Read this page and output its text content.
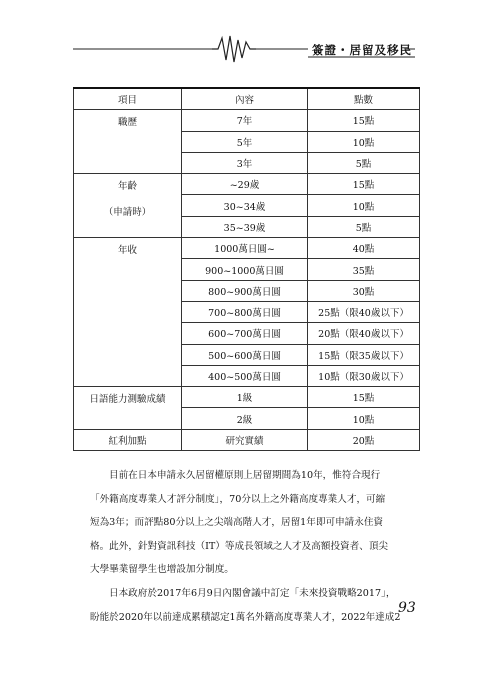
簽證・居留及移民
項目	內容	點數

職歷	7年	15點
	5年	10點
	3年	5點

年齡
（申請時）	~29歲	15點
	30~34歲	10點
	35~39歲	5點

年收	1000萬日圓~	40點
	900~1000萬日圓	35點
	800~900萬日圓	30點
	700~800萬日圓	25點（限40歲以下）
	600~700萬日圓	20點（限40歲以下）
	500~600萬日圓	15點（限35歲以下）
	400~500萬日圓	10點（限30歲以下）

日語能力測驗成績	1級	15點
	2級	10點

紅利加點	研究實績	20點

目前在日本申請永久居留權原則上居留期間為10年，惟符合現行

「外籍高度專業人才評分制度」，70分以上之外籍高度專業人才，可縮

短為3年；而評點80分以上之尖端高階人才，居留1年即可申請永住資

格。此外，針對資訊科技（IT）等成長領域之人才及高額投資者、頂尖

大學畢業留學生也增設加分制度。

日本政府於2017年6月9日內閣會議中訂定「未來投資戰略2017」，

盼能於2020年以前達成累積認定1萬名外籍高度專業人才，2022年達成2

93
